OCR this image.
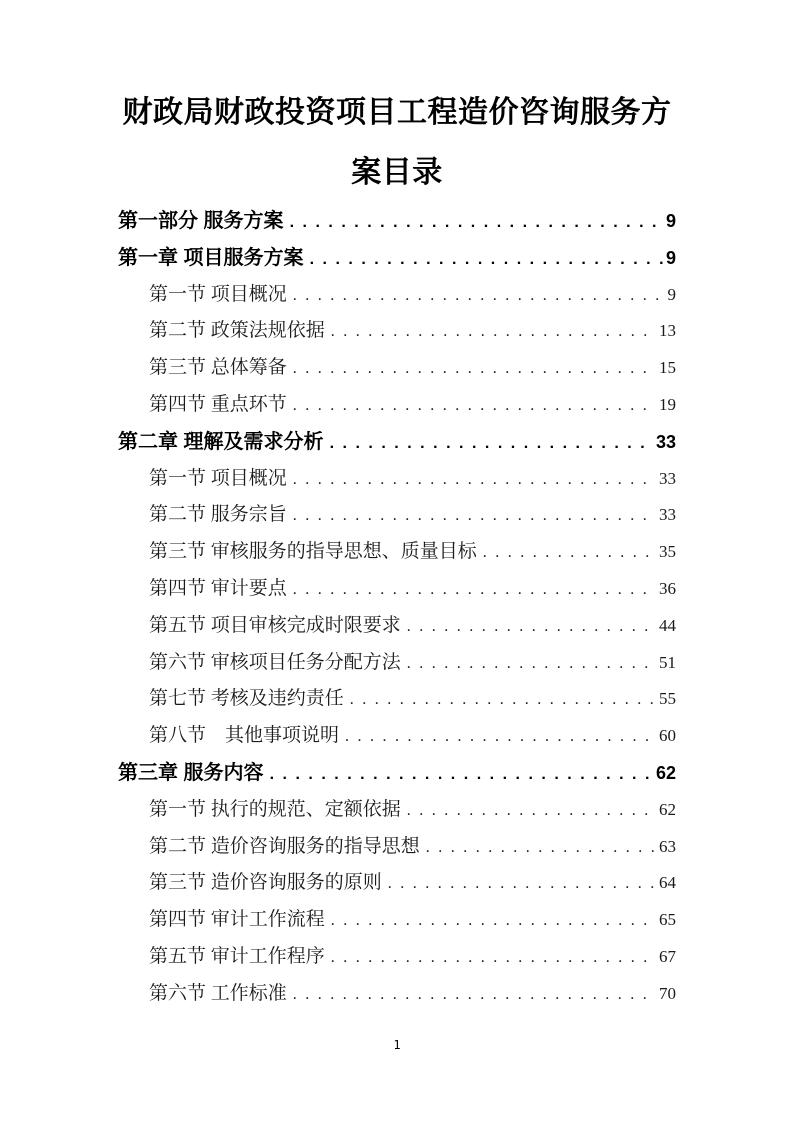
财政局财政投资项目工程造价咨询服务方
案目录
第一部分 服务方案 .....	9
第一章 项目服务方案 .....	9
第一节 项目概况 .....	9
第二节 政策法规依据 .....	13
第三节 总体筹备 .....	15
第四节 重点环节 .....	19
第二章 理解及需求分析 .....	33
第一节 项目概况 .....	33
第二节 服务宗旨 .....	33
第三节 审核服务的指导思想、质量目标 .....	35
第四节 审计要点 .....	36
第五节 项目审核完成时限要求 .....	44
第六节 审核项目任务分配方法 .....	51
第七节 考核及违约责任 .....	55
第八节　其他事项说明 .....	60
第三章 服务内容 .....	62
第一节 执行的规范、定额依据 .....	62
第二节 造价咨询服务的指导思想 .....	63
第三节 造价咨询服务的原则 .....	64
第四节 审计工作流程 .....	65
第五节 审计工作程序 .....	67
第六节 工作标准 .....	70
1
